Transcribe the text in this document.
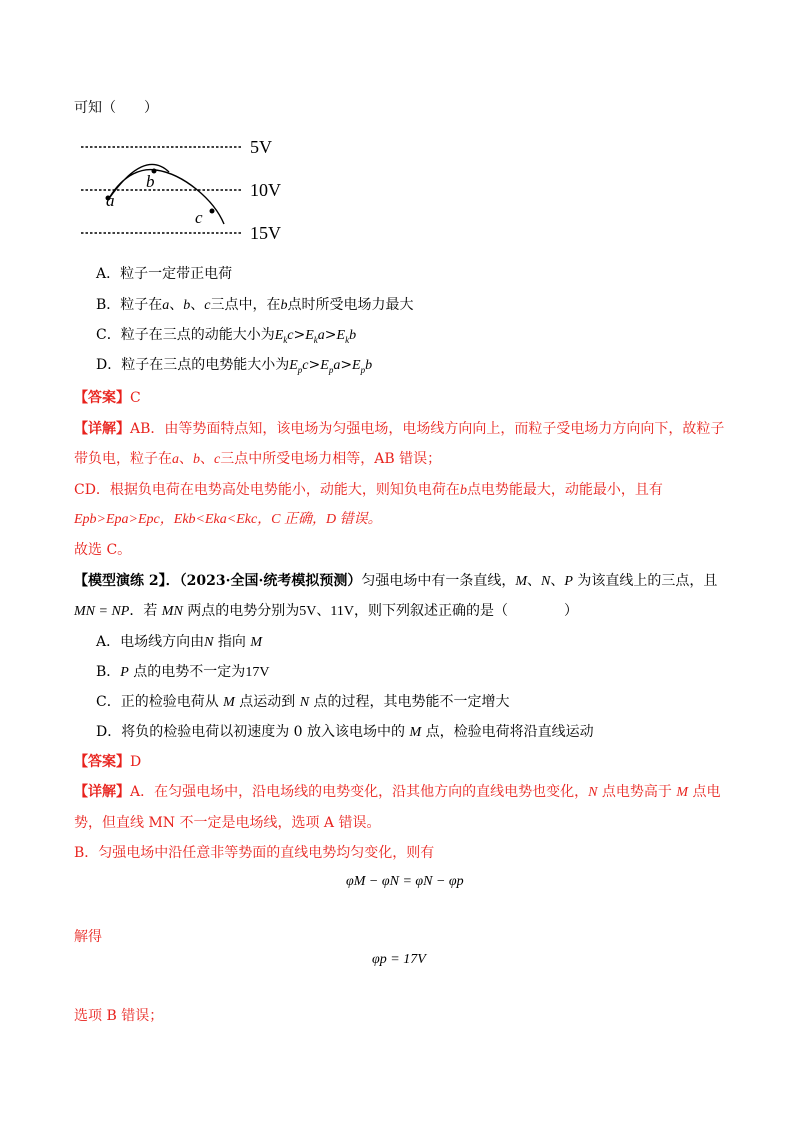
可知（　　）
a
b
c
5V
10V
15V
A．粒子一定带正电荷
B．粒子在a、b、c三点中，在b点时所受电场力最大
C．粒子在三点的动能大小为$E_kc>E_ka>E_kb$
D．粒子在三点的电势能大小为$E_pc>E_pa>E_pb$
【答案】C
【详解】AB．由等势面特点知，该电场为匀强电场，电场线方向向上，而粒子受电场力方向向下，故粒子
带负电，粒子在a、b、c三点中所受电场力相等，AB 错误；
CD．根据负电荷在电势高处电势能小，动能大，则知负电荷在b点电势能最大，动能最小，且有
Epb>Epa>Epc，Ekb<Eka<Ekc，C 正确，D 错误。
故选 C。
【模型演练 2】．（2023·全国·统考模拟预测）匀强电场中有一条直线，M、N、P 为该直线上的三点，且
MN = NP．若 MN 两点的电势分别为5V、11V，则下列叙述正确的是（　　　　）
A．电场线方向由N 指向 M
B．P 点的电势不一定为17V
C．正的检验电荷从 M 点运动到 N 点的过程，其电势能不一定增大
D．将负的检验电荷以初速度为 0 放入该电场中的 M 点，检验电荷将沿直线运动
【答案】D
【详解】A．在匀强电场中，沿电场线的电势变化，沿其他方向的直线电势也变化，N 点电势高于 M 点电
势，但直线 MN 不一定是电场线，选项 A 错误。
B．匀强电场中沿任意非等势面的直线电势均匀变化，则有
φM − φN = φN − φp
解得
φp = 17V
选项 B 错误；
